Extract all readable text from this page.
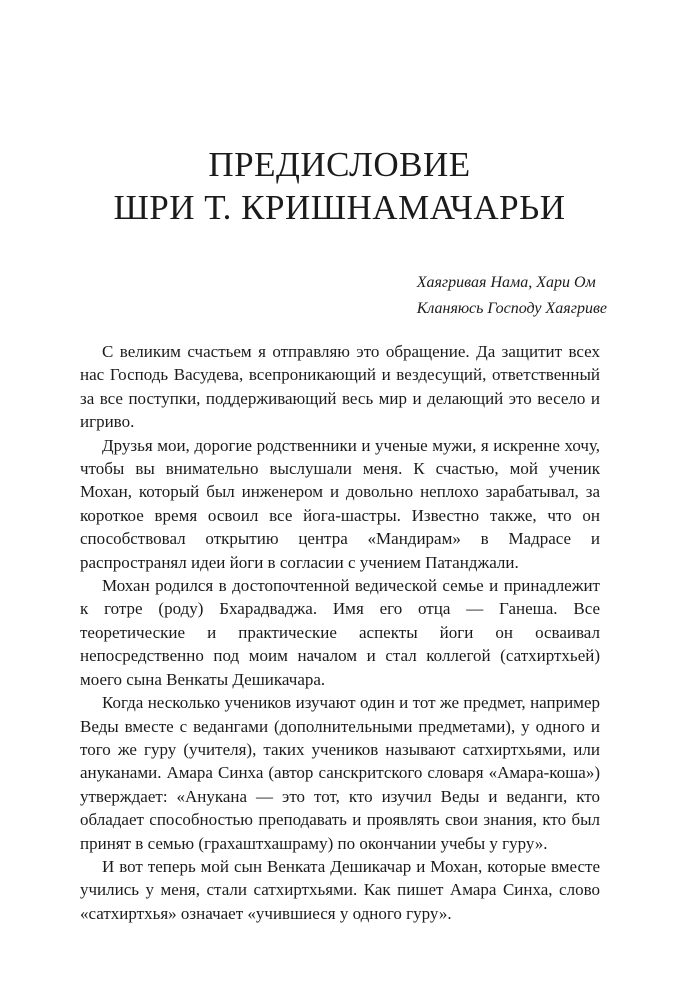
ПРЕДИСЛОВИЕ
ШРИ Т. КРИШНАМАЧАРЬИ
Хаягривая Нама, Хари Ом
Кланяюсь Господу Хаягриве

С великим счастьем я отправляю это обращение. Да защитит всех нас Господь Васудева, всепроникающий и вездесущий, ответственный за все поступки, поддерживающий весь мир и делающий это весело и игриво.

Друзья мои, дорогие родственники и ученые мужи, я искренне хочу, чтобы вы внимательно выслушали меня. К счастью, мой ученик Мохан, который был инженером и довольно неплохо зарабатывал, за короткое время освоил все йога-шастры. Известно также, что он способствовал открытию центра «Мандирам» в Мадрасе и распространял идеи йоги в согласии с учением Патанджали.

Мохан родился в достопочтенной ведической семье и принадлежит к готре (роду) Бхарадваджа. Имя его отца — Ганеша. Все теоретические и практические аспекты йоги он осваивал непосредственно под моим началом и стал коллегой (сатхиртхьей) моего сына Венкаты Дешикачара.

Когда несколько учеников изучают один и тот же предмет, например Веды вместе с ведангами (дополнительными предметами), у одного и того же гуру (учителя), таких учеников называют сатхиртхьями, или ануканами. Амара Синха (автор санскритского словаря «Амара-коша») утверждает: «Анукана — это тот, кто изучил Веды и веданги, кто обладает способностью преподавать и проявлять свои знания, кто был принят в семью (грахаштхашраму) по окончании учебы у гуру».

И вот теперь мой сын Венката Дешикачар и Мохан, которые вместе учились у меня, стали сатхиртхьями. Как пишет Амара Синха, слово «сатхиртхья» означает «учившиеся у одного гуру».
